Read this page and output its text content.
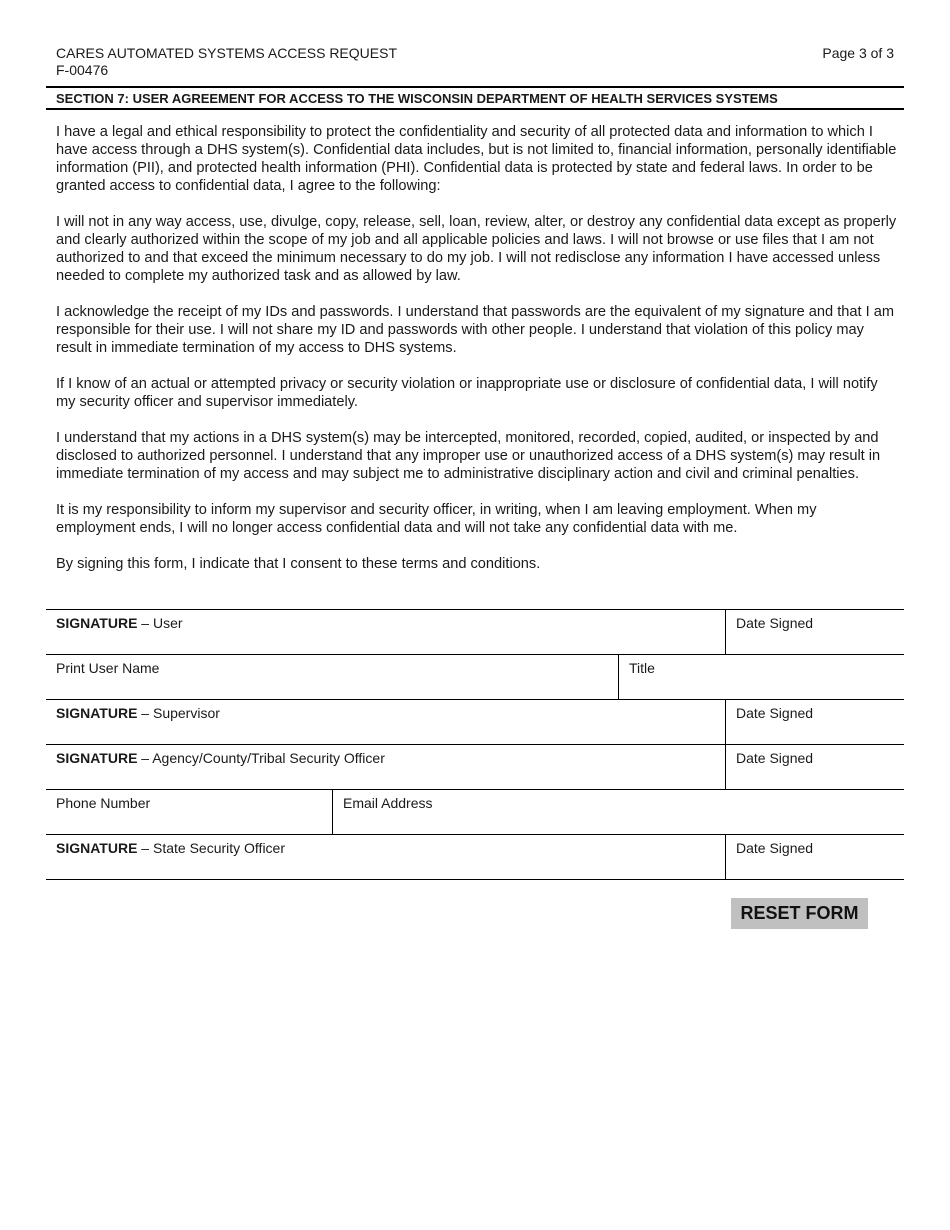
CARES AUTOMATED SYSTEMS ACCESS REQUEST
F-00476
Page 3 of 3
SECTION 7: USER AGREEMENT FOR ACCESS TO THE WISCONSIN DEPARTMENT OF HEALTH SERVICES SYSTEMS

I have a legal and ethical responsibility to protect the confidentiality and security of all protected data and information to which I have access through a DHS system(s). Confidential data includes, but is not limited to, financial information, personally identifiable information (PII), and protected health information (PHI). Confidential data is protected by state and federal laws. In order to be granted access to confidential data, I agree to the following:

I will not in any way access, use, divulge, copy, release, sell, loan, review, alter, or destroy any confidential data except as properly and clearly authorized within the scope of my job and all applicable policies and laws. I will not browse or use files that I am not authorized to and that exceed the minimum necessary to do my job. I will not redisclose any information I have accessed unless needed to complete my authorized task and as allowed by law.

I acknowledge the receipt of my IDs and passwords. I understand that passwords are the equivalent of my signature and that I am responsible for their use. I will not share my ID and passwords with other people. I understand that violation of this policy may result in immediate termination of my access to DHS systems.

If I know of an actual or attempted privacy or security violation or inappropriate use or disclosure of confidential data, I will notify my security officer and supervisor immediately.

I understand that my actions in a DHS system(s) may be intercepted, monitored, recorded, copied, audited, or inspected by and disclosed to authorized personnel. I understand that any improper use or unauthorized access of a DHS system(s) may result in immediate termination of my access and may subject me to administrative disciplinary action and civil and criminal penalties.

It is my responsibility to inform my supervisor and security officer, in writing, when I am leaving employment. When my employment ends, I will no longer access confidential data and will not take any confidential data with me.

By signing this form, I indicate that I consent to these terms and conditions.

SIGNATURE – User	Date Signed
Print User Name	Title
SIGNATURE – Supervisor	Date Signed
SIGNATURE – Agency/County/Tribal Security Officer	Date Signed
Phone Number	Email Address
SIGNATURE – State Security Officer	Date Signed
RESET FORM
